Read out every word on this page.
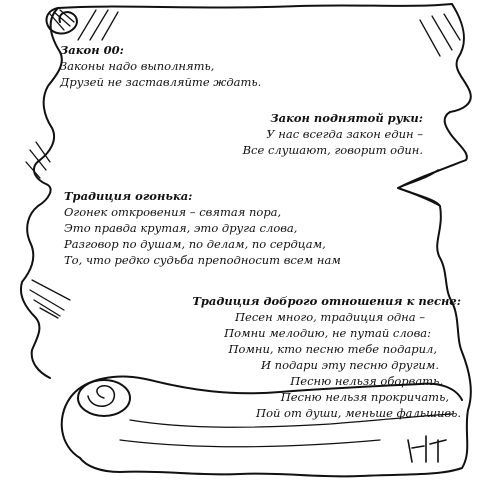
Закон 00:
Законы надо выполнять,
Друзей не заставляйте ждать.
Закон поднятой руки:
У нас всегда закон един –
Все слушают, говорит один.
Традиция огонька:
Огонек откровения – святая пора,
Это правда крутая, это друга слова,
Разговор по душам, по делам, по сердцам,
То, что редко судьба преподносит всем нам
Традиция доброго отношения к песне:
Песен много, традиция одна –
Помни мелодию, не путай слова:
Помни, кто песню тебе подарил,
И подари эту песню другим.
Песню нельзя оборвать,
Песню нельзя прокричать,
Пой от души, меньше фальшивь.
